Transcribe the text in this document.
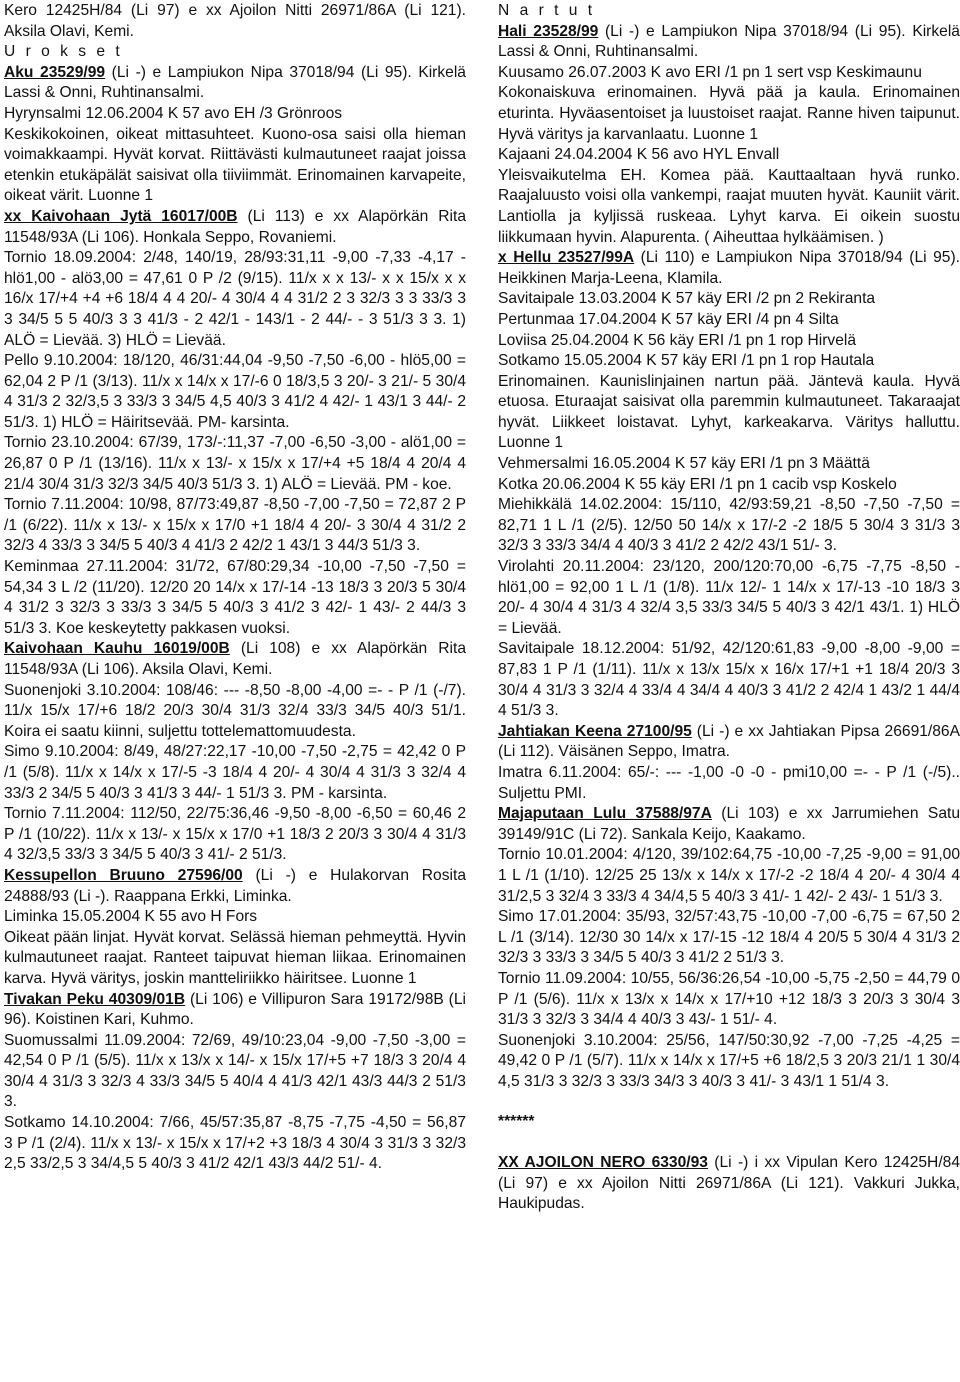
Kero 12425H/84 (Li 97) e xx Ajoilon Nitti 26971/86A (Li 121). Aksila Olavi, Kemi.

U r o k s e t

Aku 23529/99 (Li -) e Lampiukon Nipa 37018/94 (Li 95). Kirkelä Lassi & Onni, Ruhtinansalmi.

Hyrynsalmi 12.06.2004 K 57 avo EH /3 Grönroos

Keskikokoinen, oikeat mittasuhteet. Kuono-osa saisi olla hieman voimakkaampi. Hyvät korvat. Riittävästi kulmautuneet raajat joissa etenkin etukäpälät saisivat olla tiiviimmät. Erinomainen karvapeite, oikeat värit. Luonne 1

xx Kaivohaan Jytä 16017/00B (Li 113) e xx Alapörkän Rita 11548/93A (Li 106). Honkala Seppo, Rovaniemi.

Tornio 18.09.2004: 2/48, 140/19, 28/93:31,11 -9,00 -7,33 -4,17 - hlö1,00 - alö3,00 = 47,61 0 P /2 (9/15). 11/x x x 13/- x x 15/x x x 16/x 17/+4 +4 +6 18/4 4 4 20/- 4 30/4 4 4 31/2 2 3 32/3 3 3 33/3 3 3 34/5 5 5 40/3 3 3 41/3 - 2 42/1 - 143/1 - 2 44/- - 3 51/3 3 3. 1) ALÖ = Lievää. 3) HLÖ = Lievää.

Pello 9.10.2004: 18/120, 46/31:44,04 -9,50 -7,50 -6,00 - hlö5,00 = 62,04 2 P /1 (3/13). 11/x x 14/x x 17/-6 0 18/3,5 3 20/- 3 21/- 5 30/4 4 31/3 2 32/3,5 3 33/3 3 34/5 4,5 40/3 3 41/2 4 42/- 1 43/1 3 44/- 2 51/3. 1) HLÖ = Häiritsevää. PM- karsinta.

Tornio 23.10.2004: 67/39, 173/-:11,37 -7,00 -6,50 -3,00 - alö1,00 = 26,87 0 P /1 (13/16). 11/x x 13/- x 15/x x 17/+4 +5 18/4 4 20/4 4 21/4 30/4 31/3 32/3 34/5 40/3 51/3 3. 1) ALÖ = Lievää. PM - koe.

Tornio 7.11.2004: 10/98, 87/73:49,87 -8,50 -7,00 -7,50 = 72,87 2 P /1 (6/22). 11/x x 13/- x 15/x x 17/0 +1 18/4 4 20/- 3 30/4 4 31/2 2 32/3 4 33/3 3 34/5 5 40/3 4 41/3 2 42/2 1 43/1 3 44/3 51/3 3.

Keminmaa 27.11.2004: 31/72, 67/80:29,34 -10,00 -7,50 -7,50 = 54,34 3 L /2 (11/20). 12/20 20 14/x x 17/-14 -13 18/3 3 20/3 5 30/4 4 31/2 3 32/3 3 33/3 3 34/5 5 40/3 3 41/2 3 42/- 1 43/- 2 44/3 3 51/3 3. Koe keskeytetty pakkasen vuoksi.

Kaivohaan Kauhu 16019/00B (Li 108) e xx Alapörkän Rita 11548/93A (Li 106). Aksila Olavi, Kemi.

Suonenjoki 3.10.2004: 108/46: --- -8,50 -8,00 -4,00 =- - P /1 (-/7). 11/x 15/x 17/+6 18/2 20/3 30/4 31/3 32/4 33/3 34/5 40/3 51/1. Koira ei saatu kiinni, suljettu tottelemattomuudesta.

Simo 9.10.2004: 8/49, 48/27:22,17 -10,00 -7,50 -2,75 = 42,42 0 P /1 (5/8). 11/x x 14/x x 17/-5 -3 18/4 4 20/- 4 30/4 4 31/3 3 32/4 4 33/3 2 34/5 5 40/3 3 41/3 3 44/- 1 51/3 3. PM - karsinta.

Tornio 7.11.2004: 112/50, 22/75:36,46 -9,50 -8,00 -6,50 = 60,46 2 P /1 (10/22). 11/x x 13/- x 15/x x 17/0 +1 18/3 2 20/3 3 30/4 4 31/3 4 32/3,5 33/3 3 34/5 5 40/3 3 41/- 2 51/3.

Kessupellon Bruuno 27596/00 (Li -) e Hulakorvan Rosita 24888/93 (Li -). Raappana Erkki, Liminka.

Liminka 15.05.2004 K 55 avo H Fors

Oikeat pään linjat. Hyvät korvat. Selässä hieman pehmeyttä. Hyvin kulmautuneet raajat. Ranteet taipuvat hieman liikaa. Erinomainen karva. Hyvä väritys, joskin mantteliriikko häiritsee. Luonne 1

Tivakan Peku 40309/01B (Li 106) e Villipuron Sara 19172/98B (Li 96). Koistinen Kari, Kuhmo.

Suomussalmi 11.09.2004: 72/69, 49/10:23,04 -9,00 -7,50 -3,00 = 42,54 0 P /1 (5/5). 11/x x 13/x x 14/- x 15/x 17/+5 +7 18/3 3 20/4 4 30/4 4 31/3 3 32/3 4 33/3 34/5 5 40/4 4 41/3 42/1 43/3 44/3 2 51/3 3.

Sotkamo 14.10.2004: 7/66, 45/57:35,87 -8,75 -7,75 -4,50 = 56,87 3 P /1 (2/4). 11/x x 13/- x 15/x x 17/+2 +3 18/3 4 30/4 3 31/3 3 32/3 2,5 33/2,5 3 34/4,5 5 40/3 3 41/2 42/1 43/3 44/2 51/- 4.

N a r t u t

Hali 23528/99 (Li -) e Lampiukon Nipa 37018/94 (Li 95). Kirkelä Lassi & Onni, Ruhtinansalmi.

Kuusamo 26.07.2003 K avo ERI /1 pn 1 sert vsp Keskimaunu

Kokonaiskuva erinomainen. Hyvä pää ja kaula. Erinomainen eturinta. Hyväasentoiset ja luustoiset raajat. Ranne hiven taipunut. Hyvä väritys ja karvanlaatu. Luonne 1

Kajaani 24.04.2004 K 56 avo HYL Envall

Yleisvaikutelma EH. Komea pää. Kauttaaltaan hyvä runko. Raajaluusto voisi olla vankempi, raajat muuten hyvät. Kauniit värit. Lantiolla ja kyljissä ruskeaa. Lyhyt karva. Ei oikein suostu liikkumaan hyvin. Alapurenta. ( Aiheuttaa hylkäämisen. )

x Hellu 23527/99A (Li 110) e Lampiukon Nipa 37018/94 (Li 95). Heikkinen Marja-Leena, Klamila.

Savitaipale 13.03.2004 K 57 käy ERI /2 pn 2 Rekiranta

Pertunmaa 17.04.2004 K 57 käy ERI /4 pn 4 Silta

Loviisa 25.04.2004 K 56 käy ERI /1 pn 1 rop Hirvelä

Sotkamo 15.05.2004 K 57 käy ERI /1 pn 1 rop Hautala

Erinomainen. Kaunislinjainen nartun pää. Jäntevä kaula. Hyvä etuosa. Eturaajat saisivat olla paremmin kulmautuneet. Takaraajat hyvät. Liikkeet loistavat. Lyhyt, karkeakarva. Väritys halluttu. Luonne 1

Vehmersalmi 16.05.2004 K 57 käy ERI /1 pn 3 Määttä

Kotka 20.06.2004 K 55 käy ERI /1 pn 1 cacib vsp Koskelo

Miehikkälä 14.02.2004: 15/110, 42/93:59,21 -8,50 -7,50 -7,50 = 82,71 1 L /1 (2/5). 12/50 50 14/x x 17/-2 -2 18/5 5 30/4 3 31/3 3 32/3 3 33/3 34/4 4 40/3 3 41/2 2 42/2 43/1 51/- 3.

Virolahti 20.11.2004: 23/120, 200/120:70,00 -6,75 -7,75 -8,50 - hlö1,00 = 92,00 1 L /1 (1/8). 11/x 12/- 1 14/x x 17/-13 -10 18/3 3 20/- 4 30/4 4 31/3 4 32/4 3,5 33/3 34/5 5 40/3 3 42/1 43/1. 1) HLÖ = Lievää.

Savitaipale 18.12.2004: 51/92, 42/120:61,83 -9,00 -8,00 -9,00 = 87,83 1 P /1 (1/11). 11/x x 13/x 15/x x 16/x 17/+1 +1 18/4 20/3 3 30/4 4 31/3 3 32/4 4 33/4 4 34/4 4 40/3 3 41/2 2 42/4 1 43/2 1 44/4 4 51/3 3.

Jahtiakan Keena 27100/95 (Li -) e xx Jahtiakan Pipsa 26691/86A (Li 112). Väisänen Seppo, Imatra.

Imatra 6.11.2004: 65/-: --- -1,00 -0 -0 - pmi10,00 =- - P /1 (-/5).. Suljettu PMI.

Majaputaan Lulu 37588/97A (Li 103) e xx Jarrumiehen Satu 39149/91C (Li 72). Sankala Keijo, Kaakamo.

Tornio 10.01.2004: 4/120, 39/102:64,75 -10,00 -7,25 -9,00 = 91,00 1 L /1 (1/10). 12/25 25 13/x x 14/x x 17/-2 -2 18/4 4 20/- 4 30/4 4 31/2,5 3 32/4 3 33/3 4 34/4,5 5 40/3 3 41/- 1 42/- 2 43/- 1 51/3 3.

Simo 17.01.2004: 35/93, 32/57:43,75 -10,00 -7,00 -6,75 = 67,50 2 L /1 (3/14). 12/30 30 14/x x 17/-15 -12 18/4 4 20/5 5 30/4 4 31/3 2 32/3 3 33/3 3 34/5 5 40/3 3 41/2 2 51/3 3.

Tornio 11.09.2004: 10/55, 56/36:26,54 -10,00 -5,75 -2,50 = 44,79 0 P /1 (5/6). 11/x x 13/x x 14/x x 17/+10 +12 18/3 3 20/3 3 30/4 3 31/3 3 32/3 3 34/4 4 40/3 3 43/- 1 51/- 4.

Suonenjoki 3.10.2004: 25/56, 147/50:30,92 -7,00 -7,25 -4,25 = 49,42 0 P /1 (5/7). 11/x x 14/x x 17/+5 +6 18/2,5 3 20/3 21/1 1 30/4 4,5 31/3 3 32/3 3 33/3 34/3 3 40/3 3 41/- 3 43/1 1 51/4 3.

******

XX AJOILON NERO 6330/93 (Li -) i xx Vipulan Kero 12425H/84 (Li 97) e xx Ajoilon Nitti 26971/86A (Li 121). Vakkuri Jukka, Haukipudas.
